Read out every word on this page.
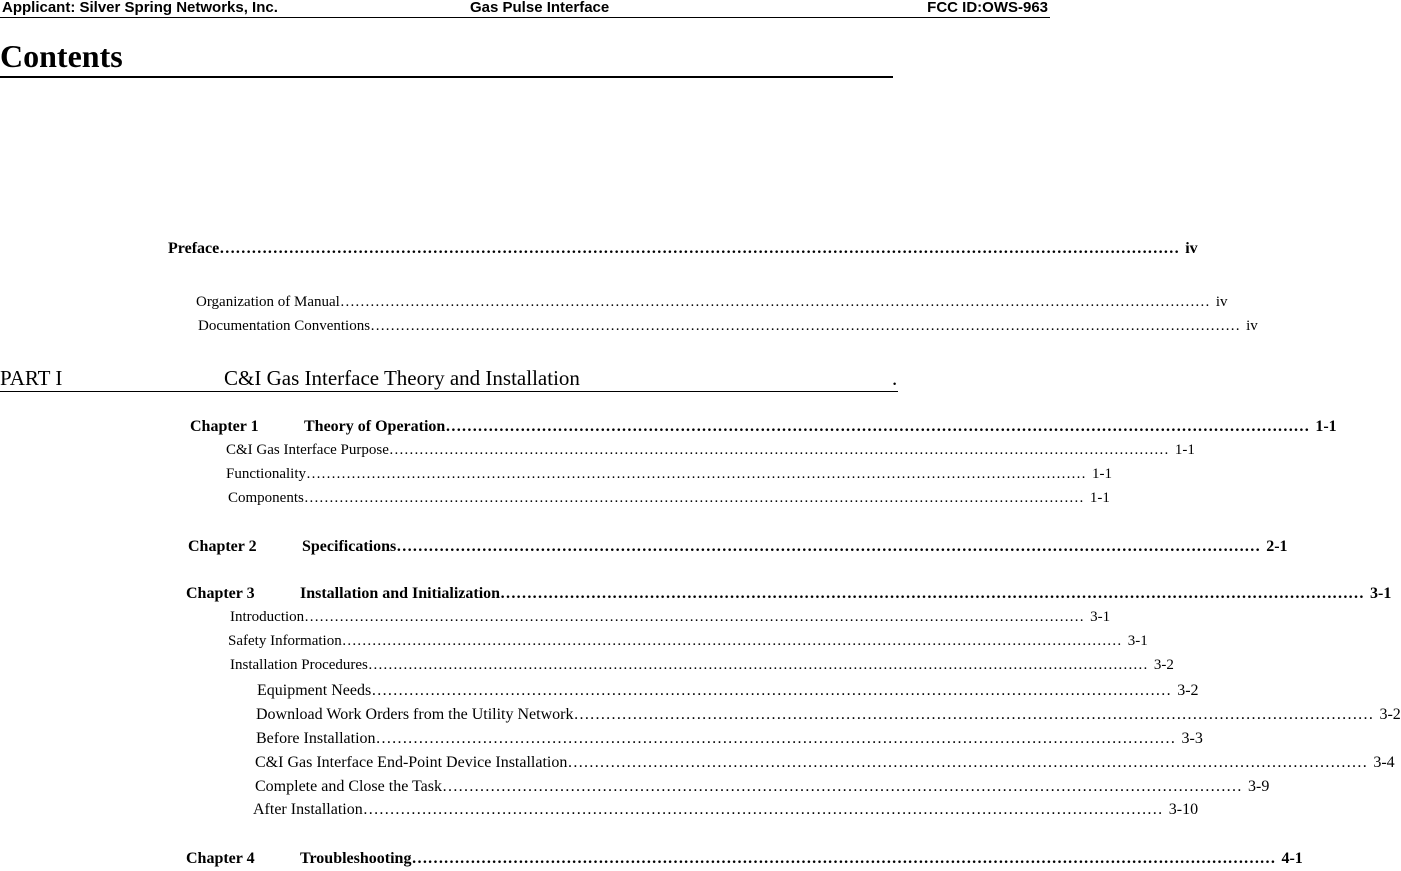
Applicant: Silver Spring Networks, Inc.	Gas Pulse Interface	FCC ID:OWS-963
Contents
Preface ……………………………………………………………………………………………………………………………………………………………… iv
Organization of Manual ………………………………………………………………………………………………………………………………………………………… iv
Documentation Conventions ………………………………………………………………………………………………………………………………………………………… iv
PART I	C&I Gas Interface Theory and Installation	.
Chapter 1	Theory of Operation ……………………………………………………………………………………………………………………………………………… 1-1
C&I Gas Interface Purpose ………………………………………………………………………………………………………………………………………… 1-1
Functionality ………………………………………………………………………………………………………………………………………… 1-1
Components ………………………………………………………………………………………………………………………………………… 1-1
Chapter 2	Specifications ……………………………………………………………………………………………………………………………………………… 2-1
Chapter 3	Installation and Initialization ……………………………………………………………………………………………………………………………………………… 3-1
Introduction ………………………………………………………………………………………………………………………………………… 3-1
Safety Information ………………………………………………………………………………………………………………………………………… 3-1
Installation Procedures ………………………………………………………………………………………………………………………………………… 3-2
Equipment Needs …………………………………………………………………………………………………………………………………… 3-2
Download Work Orders from the Utility Network …………………………………………………………………………………………………………………………………… 3-2
Before Installation …………………………………………………………………………………………………………………………………… 3-3
C&I Gas Interface End-Point Device Installation …………………………………………………………………………………………………………………………………… 3-4
Complete and Close the Task …………………………………………………………………………………………………………………………………… 3-9
After Installation …………………………………………………………………………………………………………………………………… 3-10
Chapter 4	Troubleshooting ……………………………………………………………………………………………………………………………………………… 4-1
